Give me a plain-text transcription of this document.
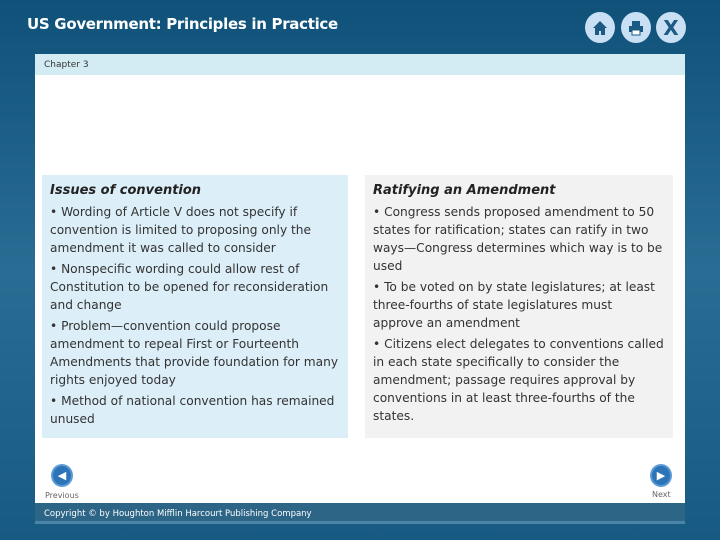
US Government: Principles in Practice	X
Chapter 3
Issues of convention

• Wording of Article V does not specify if convention is limited to proposing only the amendment it was called to consider

• Nonspecific wording could allow rest of Constitution to be opened for reconsideration and change

• Problem—convention could propose amendment to repeal First or Fourteenth Amendments that provide foundation for many rights enjoyed today

• Method of national convention has remained unused

Ratifying an Amendment

• Congress sends proposed amendment to 50 states for ratification; states can ratify in two ways—Congress determines which way is to be used

• To be voted on by state legislatures; at least three-fourths of state legislatures must approve an amendment

• Citizens elect delegates to conventions called in each state specifically to consider the amendment; passage requires approval by conventions in at least three-fourths of the states.

◀
Previous
▶
Next
Copyright © by Houghton Mifflin Harcourt Publishing Company
